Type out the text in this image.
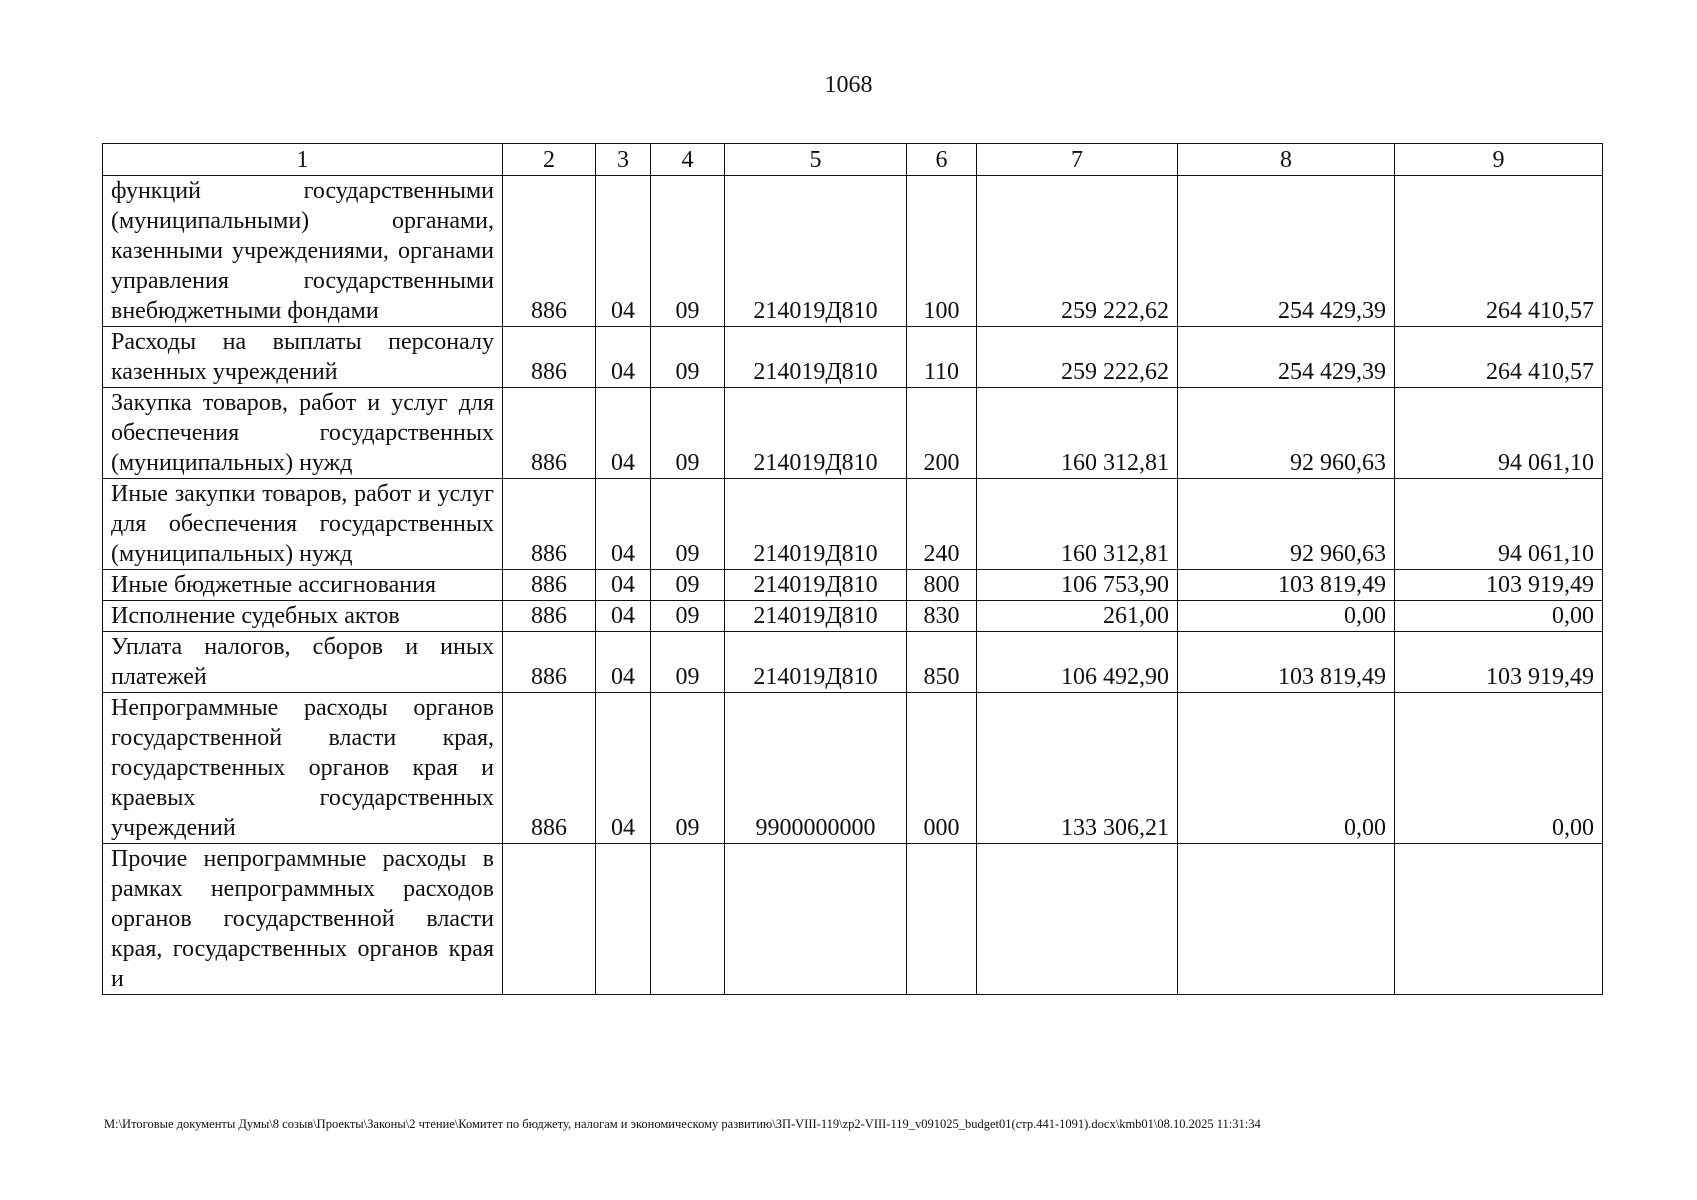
1068
1	2	3	4	5	6	7	8	9
функций государственными (муниципальными) органами, казенными учреждениями, органами управления государственными внебюджетными фондами	886	04	09	214019Д810	100	259 222,62	254 429,39	264 410,57
Расходы на выплаты персоналу казенных учреждений	886	04	09	214019Д810	110	259 222,62	254 429,39	264 410,57
Закупка товаров, работ и услуг для обеспечения государственных (муниципальных) нужд	886	04	09	214019Д810	200	160 312,81	92 960,63	94 061,10
Иные закупки товаров, работ и услуг для обеспечения государственных (муниципальных) нужд	886	04	09	214019Д810	240	160 312,81	92 960,63	94 061,10
Иные бюджетные ассигнования	886	04	09	214019Д810	800	106 753,90	103 819,49	103 919,49
Исполнение судебных актов	886	04	09	214019Д810	830	261,00	0,00	0,00
Уплата налогов, сборов и иных платежей	886	04	09	214019Д810	850	106 492,90	103 819,49	103 919,49
Непрограммные расходы органов государственной власти края, государственных органов края и краевых государственных учреждений	886	04	09	9900000000	000	133 306,21	0,00	0,00
Прочие непрограммные расходы в рамках непрограммных расходов органов государственной власти края, государственных органов края и								
M:\Итоговые документы Думы\8 созыв\Проекты\Законы\2 чтение\Комитет по бюджету, налогам и экономическому развитию\ЗП-VIII-119\zp2-VIII-119_v091025_budget01(стр.441-1091).docx\kmb01\08.10.2025 11:31:34
